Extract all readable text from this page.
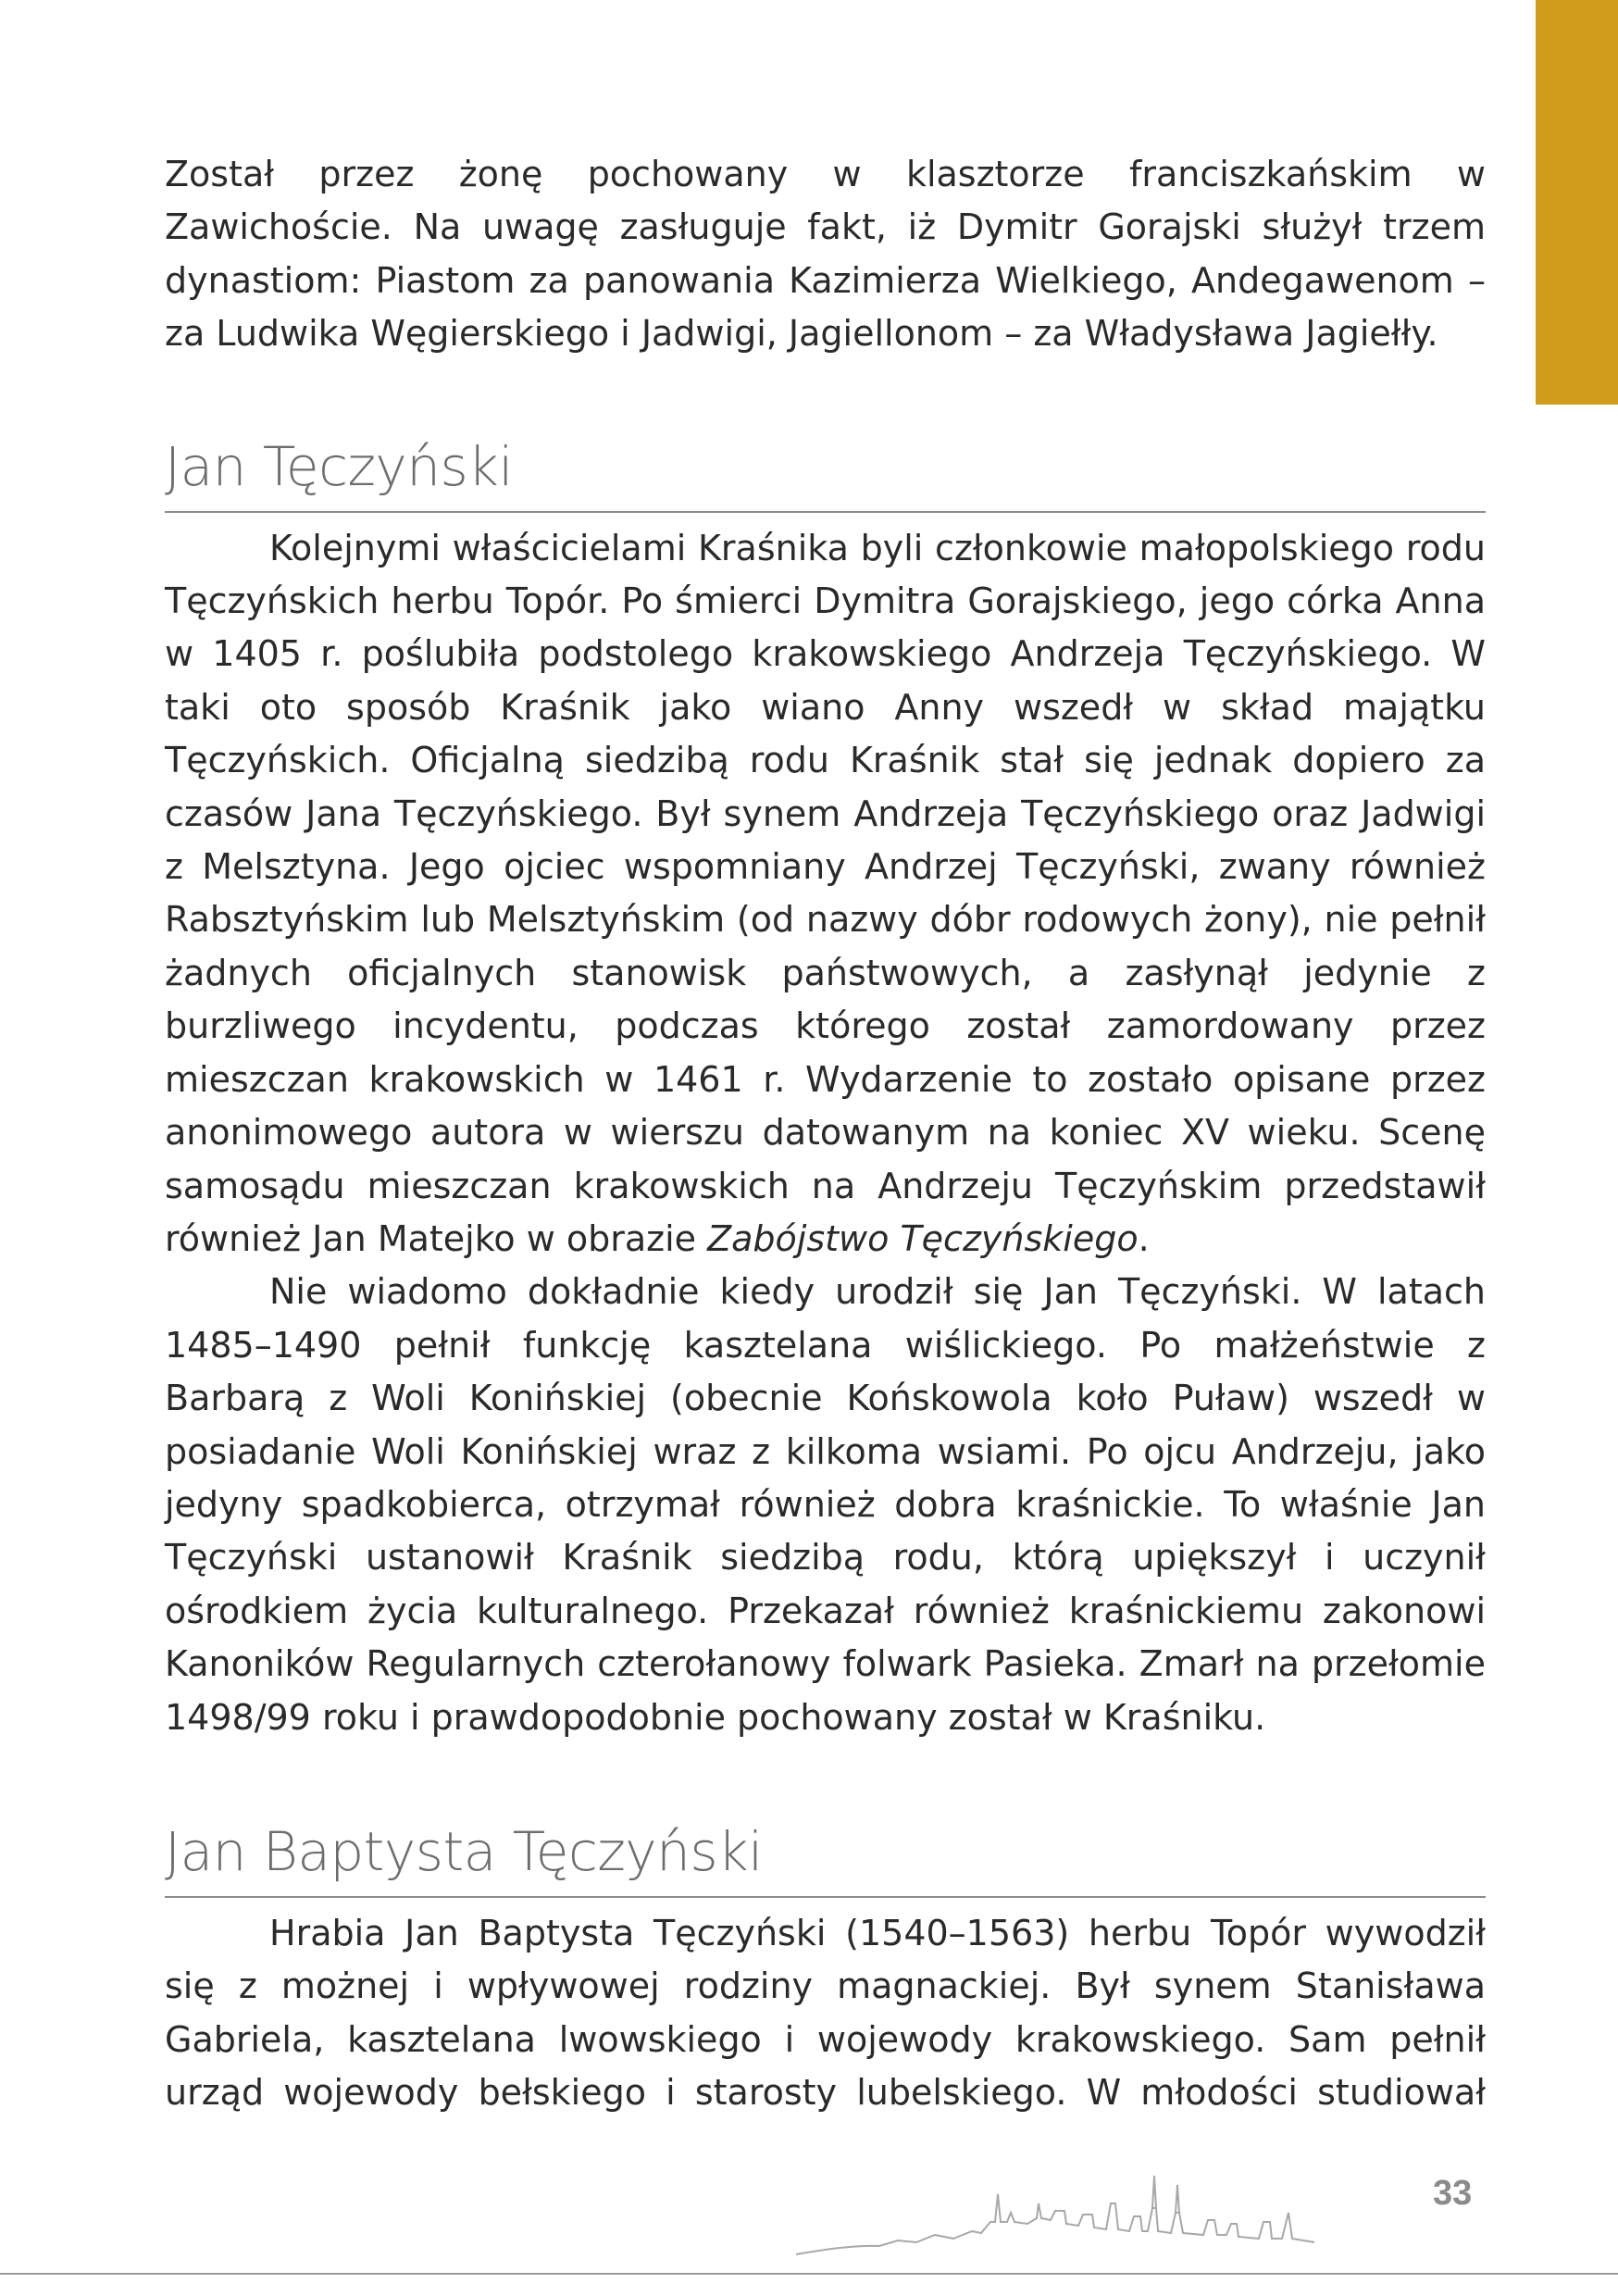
Został przez żonę pochowany w klasztorze franciszkańskim w Zawichoście. Na uwagę zasługuje fakt, iż Dymitr Gorajski służył trzem dynastiom: Piastom za panowania Kazimierza Wielkiego, Andegawenom – za Ludwika Węgierskiego i Jadwigi, Jagiellonom – za Władysława Jagiełły.

Jan Tęczyński

Kolejnymi właścicielami Kraśnika byli członkowie małopolskiego rodu Tęczyńskich herbu Topór. Po śmierci Dymitra Gorajskiego, jego córka Anna w 1405 r. poślubiła podstolego krakowskiego Andrzeja Tęczyńskiego. W taki oto sposób Kraśnik jako wiano Anny wszedł w skład majątku Tęczyńskich. Oficjalną siedzibą rodu Kraśnik stał się jednak dopiero za czasów Jana Tęczyńskiego. Był synem Andrzeja Tęczyńskiego oraz Jadwigi z Melsztyna. Jego ojciec wspomniany Andrzej Tęczyński, zwany również Rabsztyńskim lub Melsztyńskim (od nazwy dóbr rodowych żony), nie pełnił żadnych oficjalnych stanowisk państwowych, a zasłynął jedynie z burzliwego incydentu, podczas którego został zamordowany przez mieszczan krakowskich w 1461 r. Wydarzenie to zostało opisane przez anonimowego autora w wierszu datowanym na koniec XV wieku. Scenę samosądu mieszczan krakowskich na Andrzeju Tęczyńskim przedstawił również Jan Matejko w obrazie Zabójstwo Tęczyńskiego.

Nie wiadomo dokładnie kiedy urodził się Jan Tęczyński. W latach 1485–1490 pełnił funkcję kasztelana wiślickiego. Po małżeństwie z Barbarą z Woli Konińskiej (obecnie Końskowola koło Puław) wszedł w posiadanie Woli Konińskiej wraz z kilkoma wsiami. Po ojcu Andrzeju, jako jedyny spadkobierca, otrzymał również dobra kraśnickie. To właśnie Jan Tęczyński ustanowił Kraśnik siedzibą rodu, którą upiększył i uczynił ośrodkiem życia kulturalnego. Przekazał również kraśnickiemu zakonowi Kanoników Regularnych czterołanowy folwark Pasieka. Zmarł na przełomie 1498/99 roku i prawdopodobnie pochowany został w Kraśniku.

Jan Baptysta Tęczyński

Hrabia Jan Baptysta Tęczyński (1540–1563) herbu Topór wywodził się z możnej i wpływowej rodziny magnackiej. Był synem Stanisława Gabriela, kasztelana lwowskiego i wojewody krakowskiego. Sam pełnił urząd wojewody bełskiego i starosty lubelskiego. W młodości studiował

33
